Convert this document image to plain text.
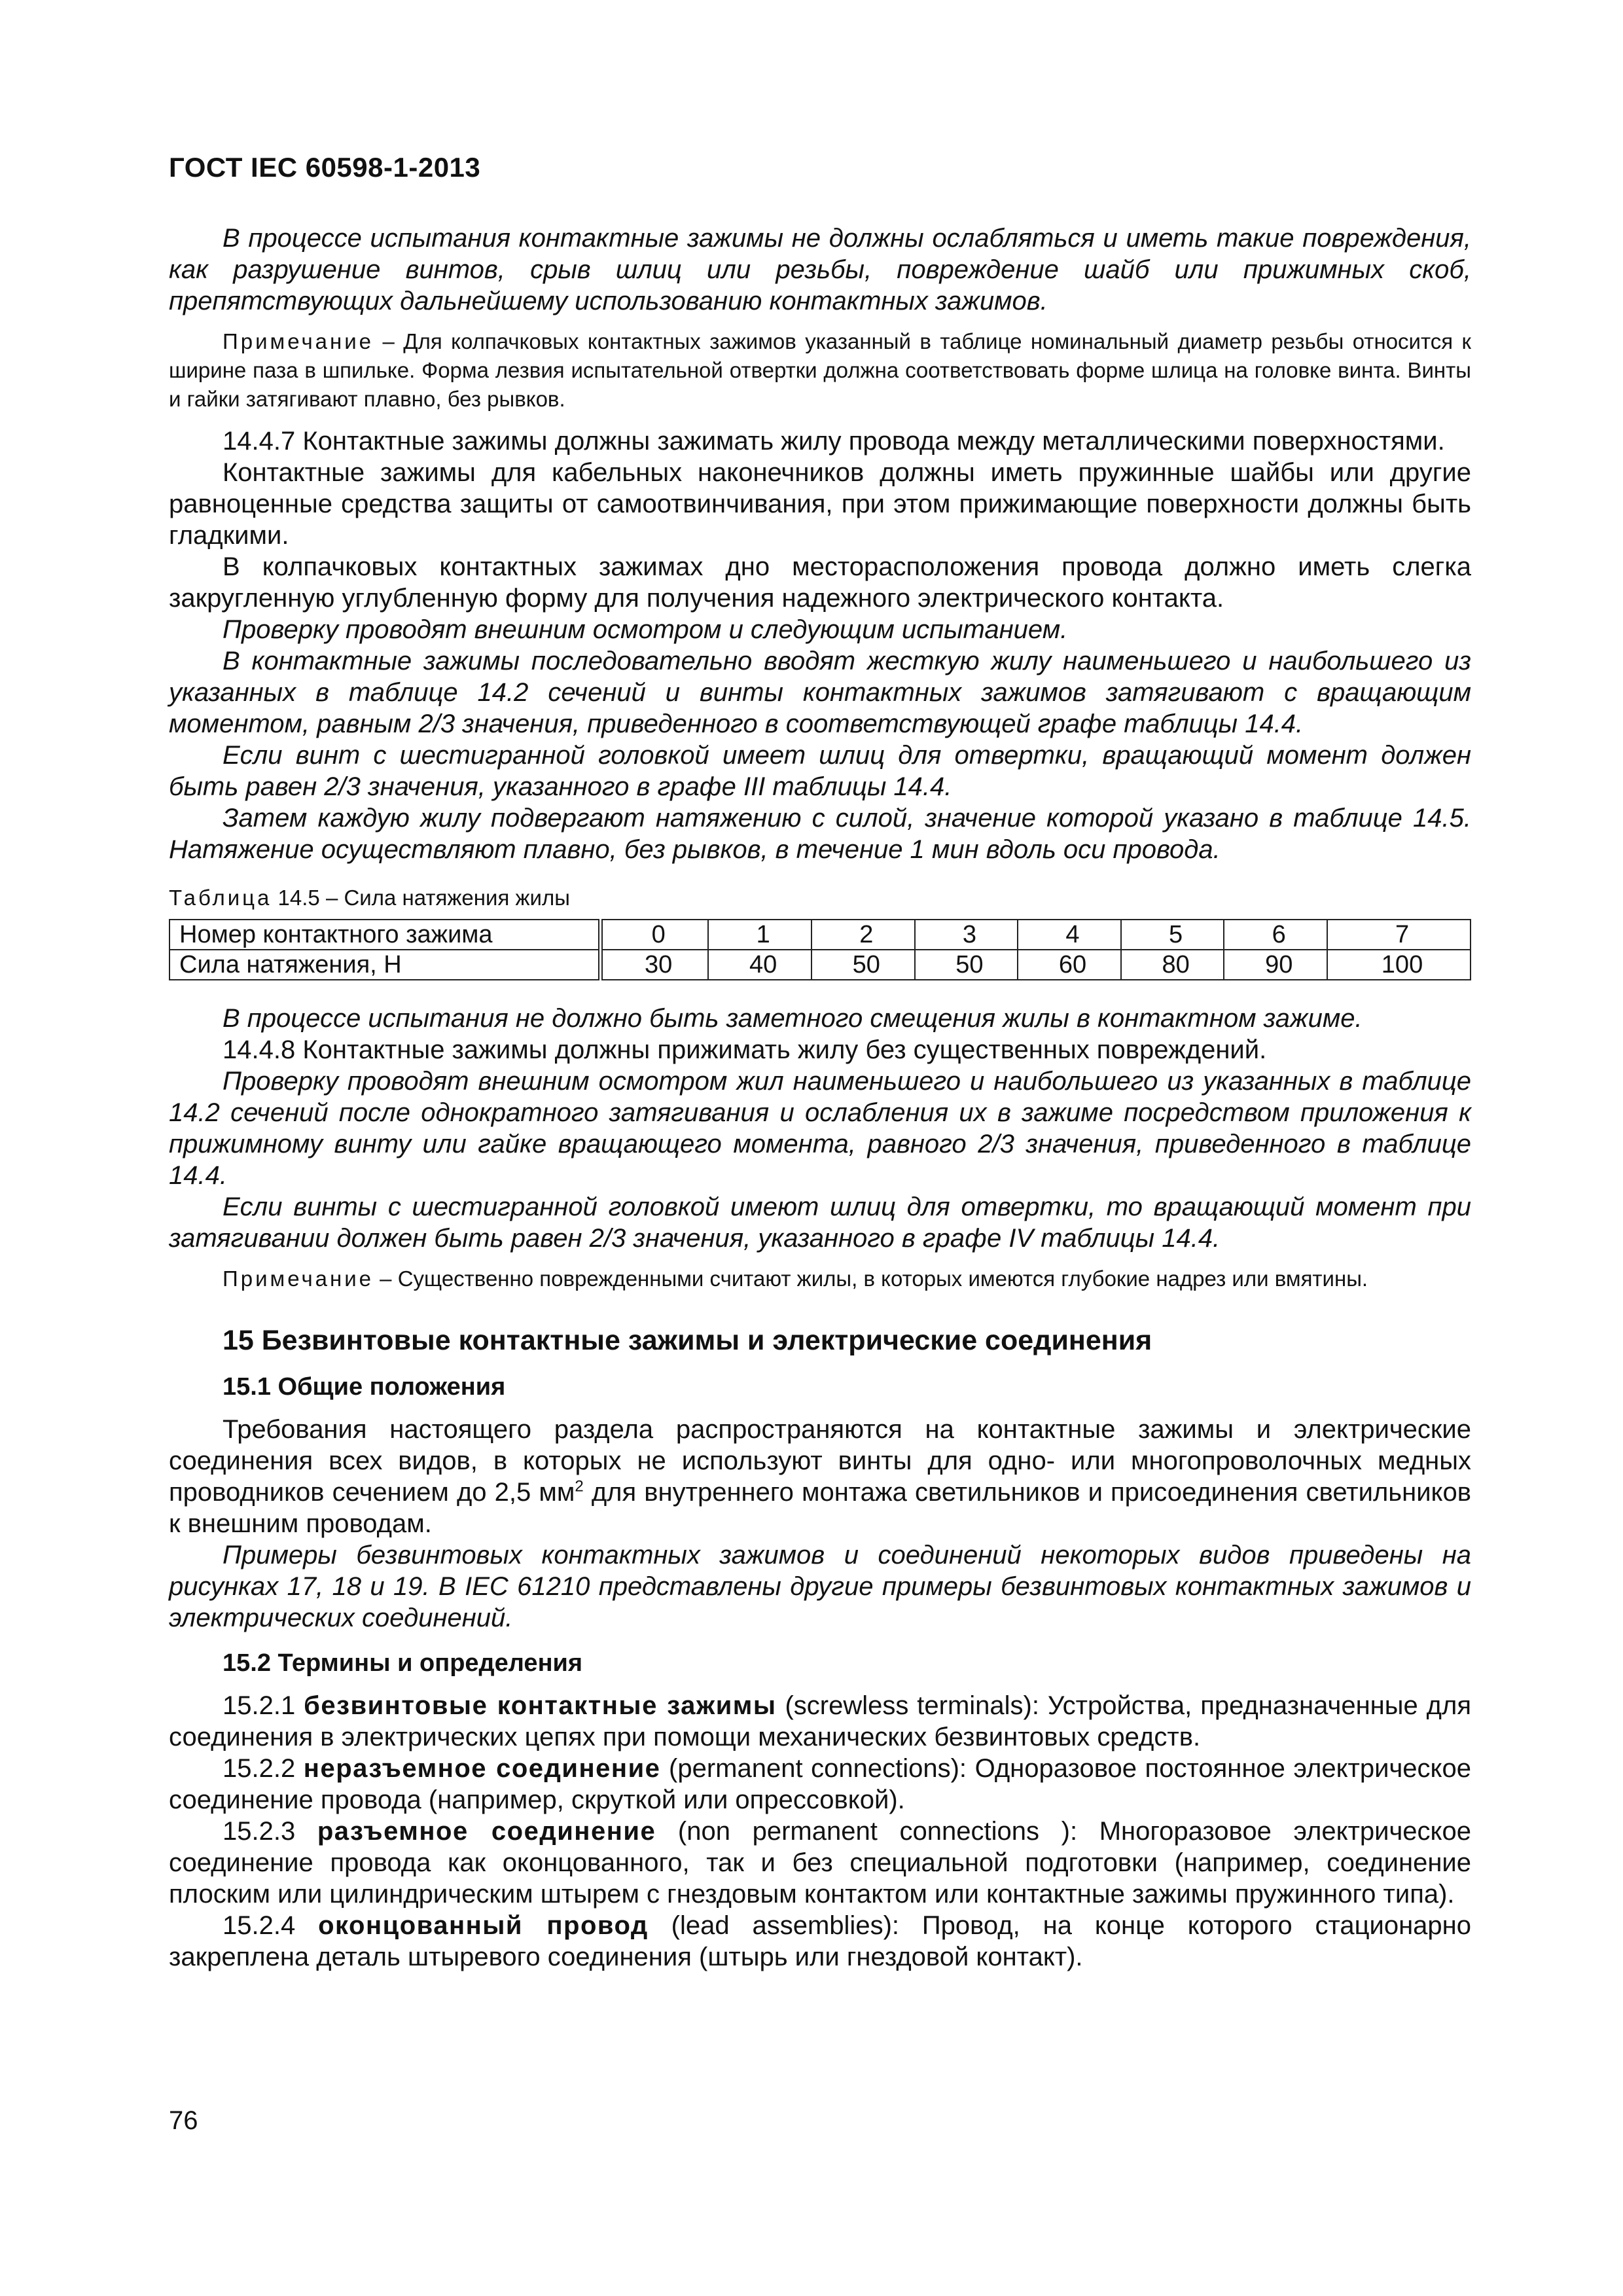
ГОСТ IEC 60598-1-2013

В процессе испытания контактные зажимы не должны ослабляться и иметь такие повреждения, как разрушение винтов, срыв шлиц или резьбы, повреждение шайб или прижимных скоб, препятствующих дальнейшему использованию контактных зажимов.

Примечание – Для колпачковых контактных зажимов указанный в таблице номинальный диаметр резьбы относится к ширине паза в шпильке. Форма лезвия испытательной отвертки должна соответствовать форме шлица на головке винта. Винты и гайки затягивают плавно, без рывков.

14.4.7 Контактные зажимы должны зажимать жилу провода между металлическими поверхностями.

Контактные зажимы для кабельных наконечников должны иметь пружинные шайбы или другие равноценные средства защиты от самоотвинчивания, при этом прижимающие поверхности должны быть гладкими.

В колпачковых контактных зажимах дно месторасположения провода должно иметь слегка закругленную углубленную форму для получения надежного электрического контакта.

Проверку проводят внешним осмотром и следующим испытанием.

В контактные зажимы последовательно вводят жесткую жилу наименьшего и наибольшего из указанных в таблице 14.2 сечений и винты контактных зажимов затягивают с вращающим моментом, равным 2/3 значения, приведенного в соответствующей графе таблицы 14.4.

Если винт с шестигранной головкой имеет шлиц для отвертки, вращающий момент должен быть равен 2/3 значения, указанного в графе III таблицы 14.4.

Затем каждую жилу подвергают натяжению с силой, значение которой указано в таблице 14.5. Натяжение осуществляют плавно, без рывков, в течение 1 мин вдоль оси провода.

Таблица 14.5 – Сила натяжения жилы

Номер контактного зажима	0	1	2	3	4	5	6	7
Сила натяжения, Н	30	40	50	50	60	80	90	100

В процессе испытания не должно быть заметного смещения жилы в контактном зажиме.

14.4.8 Контактные зажимы должны прижимать жилу без существенных повреждений.

Проверку проводят внешним осмотром жил наименьшего и наибольшего из указанных в таблице 14.2 сечений после однократного затягивания и ослабления их в зажиме посредством приложения к прижимному винту или гайке вращающего момента, равного 2/3 значения, приведенного в таблице 14.4.

Если винты с шестигранной головкой имеют шлиц для отвертки, то вращающий момент при затягивании должен быть равен 2/3 значения, указанного в графе IV таблицы 14.4.

Примечание – Существенно поврежденными считают жилы, в которых имеются глубокие надрез или вмятины.

15 Безвинтовые контактные зажимы и электрические соединения
15.1 Общие положения

Требования настоящего раздела распространяются на контактные зажимы и электрические соединения всех видов, в которых не используют винты для одно- или многопроволочных медных проводников сечением до 2,5 $мм^2$ для внутреннего монтажа светильников и присоединения светильников к внешним проводам.

Примеры безвинтовых контактных зажимов и соединений некоторых видов приведены на рисунках 17, 18 и 19. В IEC 61210 представлены другие примеры безвинтовых контактных зажимов и электрических соединений.

15.2 Термины и определения

15.2.1 безвинтовые контактные зажимы (screwless terminals): Устройства, предназначенные для соединения в электрических цепях при помощи механических безвинтовых средств.

15.2.2 неразъемное соединение (permanent connections): Одноразовое постоянное электрическое соединение провода (например, скруткой или опрессовкой).

15.2.3 разъемное соединение (non permanent connections ): Многоразовое электрическое соединение провода как оконцованного, так и без специальной подготовки (например, соединение плоским или цилиндрическим штырем с гнездовым контактом или контактные зажимы пружинного типа).

15.2.4 оконцованный провод (lead assemblies): Провод, на конце которого стационарно закреплена деталь штыревого соединения (штырь или гнездовой контакт).

76
